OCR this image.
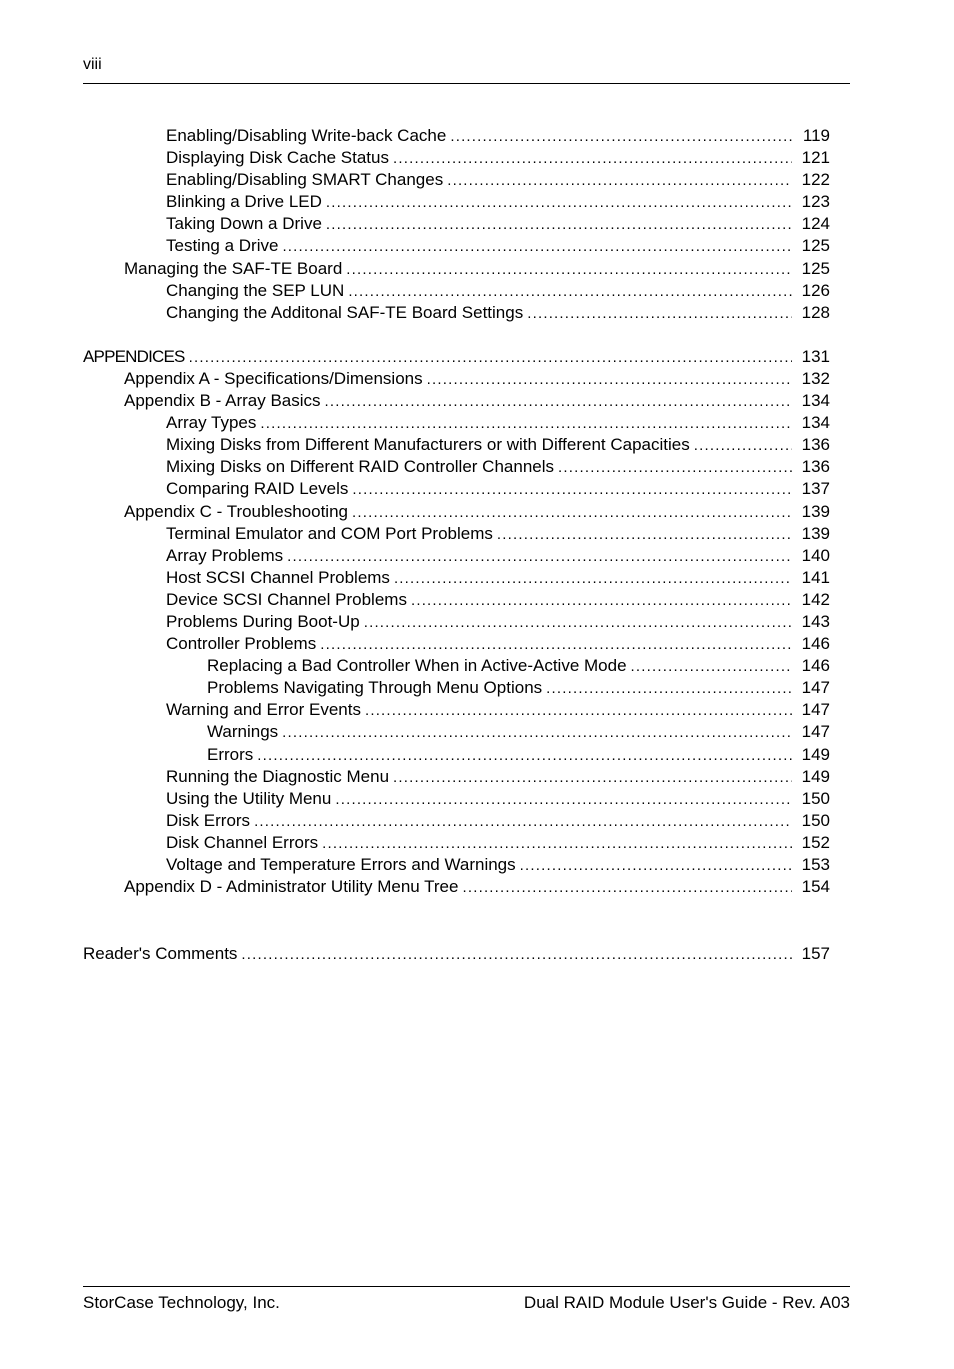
viii
Enabling/Disabling Write-back Cache .....	119
Displaying Disk Cache Status .....	121
Enabling/Disabling SMART Changes .....	122
Blinking a Drive LED .....	123
Taking Down a Drive .....	124
Testing a Drive .....	125
Managing the SAF-TE Board .....	125
Changing the SEP LUN .....	126
Changing the Additonal SAF-TE Board Settings .....	128
APPENDICES .....	131
Appendix A - Specifications/Dimensions .....	132
Appendix B - Array Basics .....	134
Array Types .....	134
Mixing Disks from Different Manufacturers or with Different Capacities .....	136
Mixing Disks on Different RAID Controller Channels .....	136
Comparing RAID Levels .....	137
Appendix C - Troubleshooting .....	139
Terminal Emulator and COM Port Problems .....	139
Array Problems .....	140
Host SCSI Channel Problems .....	141
Device SCSI Channel Problems .....	142
Problems During Boot-Up .....	143
Controller Problems .....	146
Replacing a Bad Controller When in Active-Active Mode .....	146
Problems Navigating Through Menu Options .....	147
Warning and Error Events .....	147
Warnings .....	147
Errors .....	149
Running the Diagnostic Menu .....	149
Using the Utility Menu .....	150
Disk Errors .....	150
Disk Channel Errors .....	152
Voltage and Temperature Errors and Warnings .....	153
Appendix D - Administrator Utility Menu Tree .....	154
Reader's Comments .....	157
StorCase Technology, Inc.	Dual RAID Module User's Guide - Rev. A03
